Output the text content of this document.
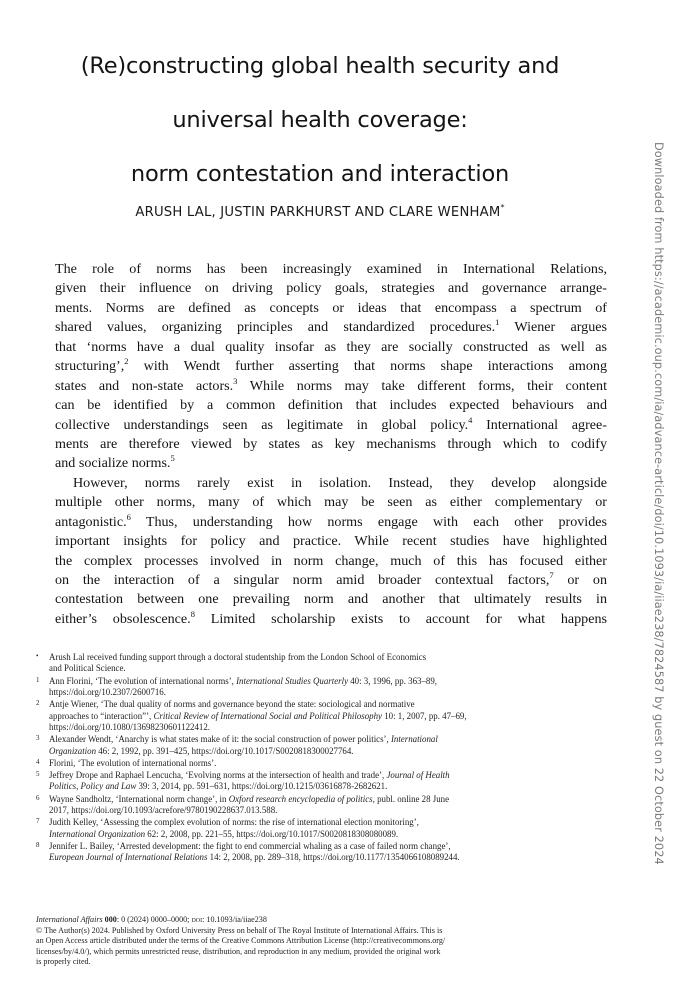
(Re)constructing global health security and
universal health coverage:
norm contestation and interaction
ARUSH LAL, JUSTIN PARKHURST AND CLARE WENHAM*
The role of norms has been increasingly examined in International Relations,
given their influence on driving policy goals, strategies and governance arrange-
ments. Norms are defined as concepts or ideas that encompass a spectrum of
shared values, organizing principles and standardized procedures.$^1$ Wiener argues
that ‘norms have a dual quality insofar as they are socially constructed as well as
structuring’,$^2$ with Wendt further asserting that norms shape interactions among
states and non-state actors.$^3$ While norms may take different forms, their content
can be identified by a common definition that includes expected behaviours and
collective understandings seen as legitimate in global policy.$^4$ International agree-
ments are therefore viewed by states as key mechanisms through which to codify
and socialize norms.$^5$
However, norms rarely exist in isolation. Instead, they develop alongside
multiple other norms, many of which may be seen as either complementary or
antagonistic.$^6$ Thus, understanding how norms engage with each other provides
important insights for policy and practice. While recent studies have highlighted
the complex processes involved in norm change, much of this has focused either
on the interaction of a singular norm amid broader contextual factors,$^7$ or on
contestation between one prevailing norm and another that ultimately results in
either’s obsolescence.$^8$ Limited scholarship exists to account for what happens
• Arush Lal received funding support through a doctoral studentship from the London School of Economics
and Political Science.
1 Ann Florini, ‘The evolution of international norms’, International Studies Quarterly 40: 3, 1996, pp. 363–89,
https://doi.org/10.2307/2600716.
2 Antje Wiener, ‘The dual quality of norms and governance beyond the state: sociological and normative
approaches to “interaction”’, Critical Review of International Social and Political Philosophy 10: 1, 2007, pp. 47–69,
https://doi.org/10.1080/13698230601122412.
3 Alexander Wendt, ‘Anarchy is what states make of it: the social construction of power politics’, International
Organization 46: 2, 1992, pp. 391–425, https://doi.org/10.1017/S0020818300027764.
4 Florini, ‘The evolution of international norms’.
5 Jeffrey Drope and Raphael Lencucha, ‘Evolving norms at the intersection of health and trade’, Journal of Health
Politics, Policy and Law 39: 3, 2014, pp. 591–631, https://doi.org/10.1215/03616878-2682621.
6 Wayne Sandholtz, ‘International norm change’, in Oxford research encyclopedia of politics, publ. online 28 June
2017, https://doi.org/10.1093/acrefore/9780190228637.013.588.
7 Judith Kelley, ‘Assessing the complex evolution of norms: the rise of international election monitoring’,
International Organization 62: 2, 2008, pp. 221–55, https://doi.org/10.1017/S0020818308080089.
8 Jennifer L. Bailey, ‘Arrested development: the fight to end commercial whaling as a case of failed norm change’,
European Journal of International Relations 14: 2, 2008, pp. 289–318, https://doi.org/10.1177/1354066108089244.
International Affairs 000: 0 (2024) 0000–0000; doi: 10.1093/ia/iiae238
© The Author(s) 2024. Published by Oxford University Press on behalf of The Royal Institute of International Affairs. This is
an Open Access article distributed under the terms of the Creative Commons Attribution License (http://creativecommons.org/
licenses/by/4.0/), which permits unrestricted reuse, distribution, and reproduction in any medium, provided the original work
is properly cited.
Downloaded from https://academic.oup.com/ia/advance-article/doi/10.1093/ia/iiae238/7824587 by guest on 22 October 2024
